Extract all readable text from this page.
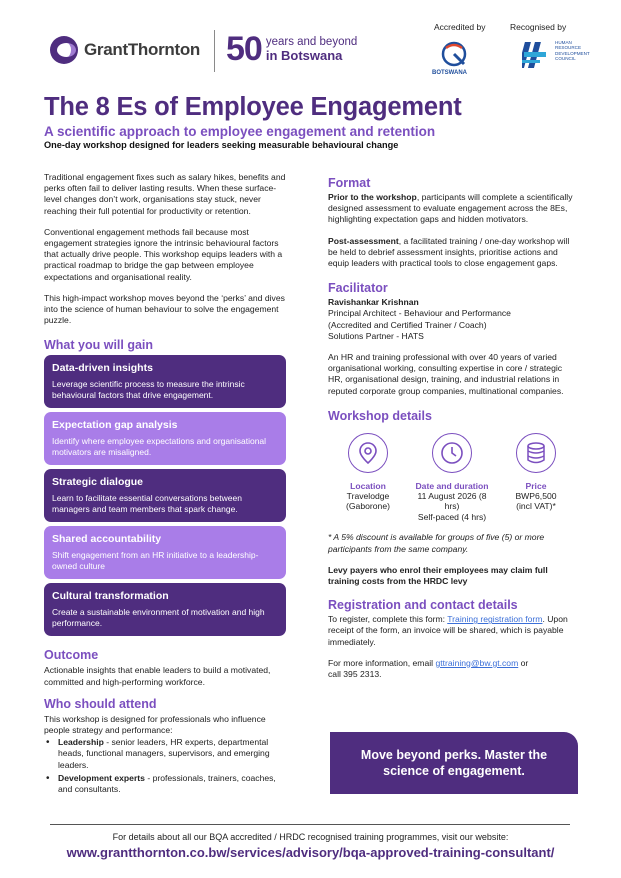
GrantThornton 50 years and beyond
in Botswana
Accredited by	Recognised by
BOTSWANA
HUMAN RESOURCE DEVELOPMENT COUNCIL
The 8 Es of Employee Engagement
A scientific approach to employee engagement and retention
One-day workshop designed for leaders seeking measurable behavioural change

Traditional engagement fixes such as salary hikes, benefits and perks often fail to deliver lasting results. When these surface-level changes don’t work, organisations stay stuck, never reaching their full potential for productivity or retention.

Conventional engagement methods fail because most engagement strategies ignore the intrinsic behavioural factors that actually drive people. This workshop equips leaders with a practical roadmap to bridge the gap between employee expectations and organisational reality.

This high-impact workshop moves beyond the ‘perks’ and dives into the science of human behaviour to solve the engagement puzzle.

What you will gain
Data-driven insights
Leverage scientific process to measure the intrinsic behavioural factors that drive engagement.
Expectation gap analysis
Identify where employee expectations and organisational motivators are misaligned.
Strategic dialogue
Learn to facilitate essential conversations between managers and team members that spark change.
Shared accountability
Shift engagement from an HR initiative to a leadership-owned culture
Cultural transformation
Create a sustainable environment of motivation and high performance.
Outcome

Actionable insights that enable leaders to build a motivated, committed and high-performing workforce.

Who should attend

This workshop is designed for professionals who influence people strategy and performance:

• Leadership - senior leaders, HR experts, departmental heads, functional managers, supervisors, and emerging leaders.
• Development experts - professionals, trainers, coaches, and consultants.
Format

Prior to the workshop, participants will complete a scientifically designed assessment to evaluate engagement across the 8Es, highlighting expectation gaps and hidden motivators.

Post-assessment, a facilitated training / one-day workshop will be held to debrief assessment insights, prioritise actions and equip leaders with practical tools to close engagement gaps.

Facilitator

Ravishankar Krishnan

Principal Architect - Behaviour and Performance

(Accredited and Certified Trainer / Coach)

Solutions Partner - HATS

An HR and training professional with over 40 years of varied organisational working, consulting expertise in core / strategic HR, organisational design, training, and industrial relations in reputed corporate group companies, multinational companies.

Workshop details
Location
Travelodge
(Gaborone)
Date and duration
11 August 2026 (8 hrs)
Self-paced (4 hrs)
Price
BWP6,500
(incl VAT)*

* A 5% discount is available for groups of five (5) or more participants from the same company.

Levy payers who enrol their employees may claim full training costs from the HRDC levy

Registration and contact details

To register, complete this form: Training registration form. Upon receipt of the form, an invoice will be shared, which is payable immediately.

For more information, email gttraining@bw.gt.com or

call 395 2313.

Move beyond perks. Master the science of engagement.
For details about all our BQA accredited / HRDC recognised training programmes, visit our website:
www.grantthornton.co.bw/services/advisory/bqa-approved-training-consultant/
